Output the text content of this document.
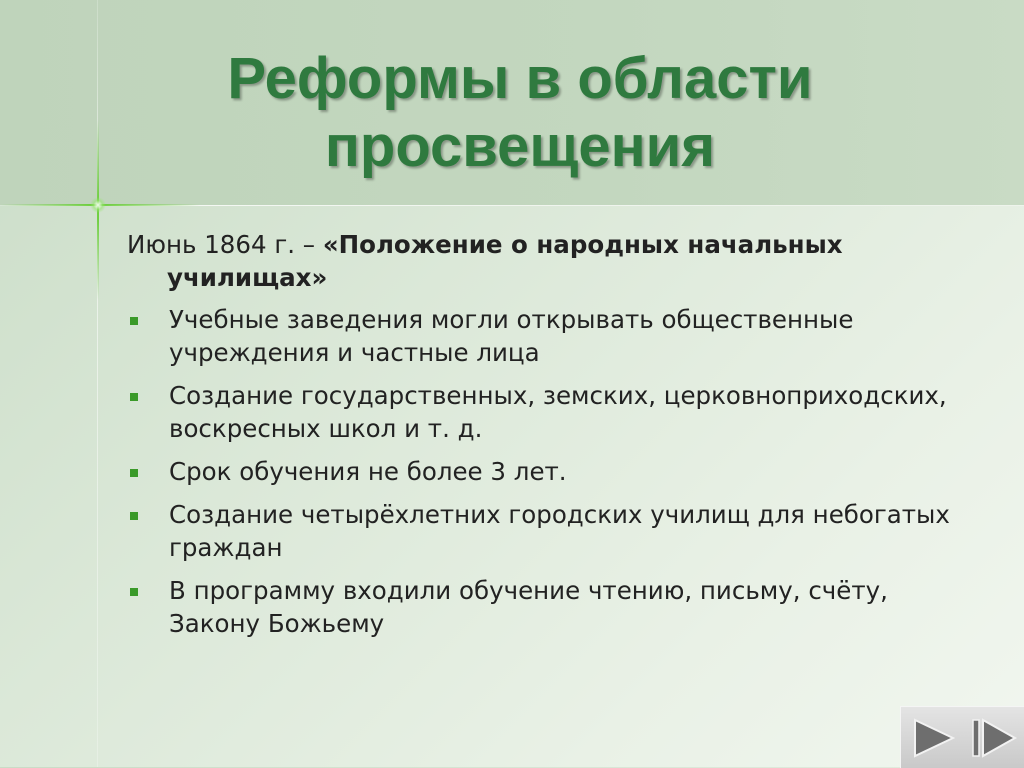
Реформы в области
просвещения
Июнь 1864 г. – «Положение о народных начальных училищах»
Учебные заведения могли открывать общественные учреждения и частные лица
Создание государственных, земских, церковноприходских, воскресных школ и т. д.
Срок обучения не более 3 лет.
Создание четырёхлетних городских училищ для небогатых граждан
В программу входили обучение чтению, письму, счёту, Закону Божьему
